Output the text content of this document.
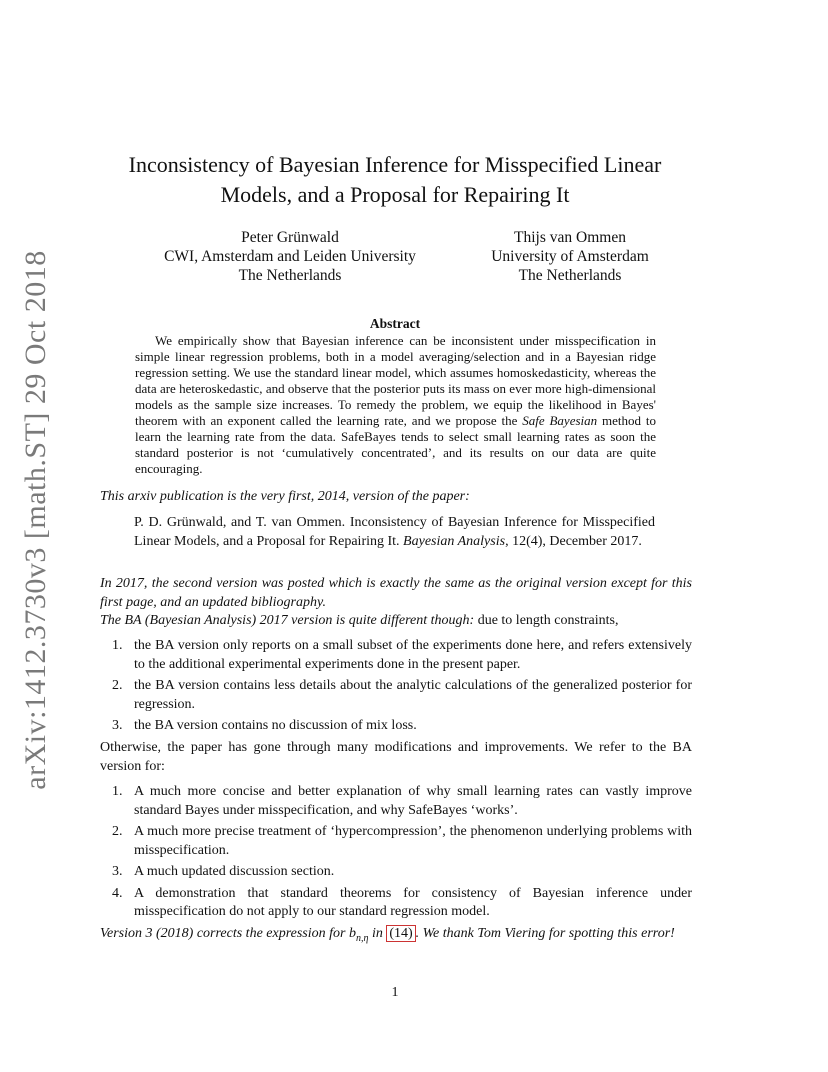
arXiv:1412.3730v3 [math.ST] 29 Oct 2018
Inconsistency of Bayesian Inference for Misspecified Linear
Models, and a Proposal for Repairing It
Peter Grünwald
CWI, Amsterdam and Leiden University
The Netherlands
Thijs van Ommen
University of Amsterdam
The Netherlands
Abstract
We empirically show that Bayesian inference can be inconsistent under misspecification in simple linear regression problems, both in a model averaging/selection and in a Bayesian ridge regression setting. We use the standard linear model, which assumes homoskedasticity, whereas the data are heteroskedastic, and observe that the posterior puts its mass on ever more high-dimensional models as the sample size increases. To remedy the problem, we equip the likelihood in Bayes' theorem with an exponent called the learning rate, and we propose the Safe Bayesian method to learn the learning rate from the data. SafeBayes tends to select small learning rates as soon the standard posterior is not ‘cumulatively concentrated’, and its results on our data are quite encouraging.
This arxiv publication is the very first, 2014, version of the paper:
P. D. Grünwald, and T. van Ommen. Inconsistency of Bayesian Inference for Misspecified Linear Models, and a Proposal for Repairing It. Bayesian Analysis, 12(4), December 2017.
In 2017, the second version was posted which is exactly the same as the original version except for this first page, and an updated bibliography.
The BA (Bayesian Analysis) 2017 version is quite different though: due to length constraints,
1. the BA version only reports on a small subset of the experiments done here, and refers extensively to the additional experimental experiments done in the present paper.
2. the BA version contains less details about the analytic calculations of the generalized posterior for regression.
3. the BA version contains no discussion of mix loss.
Otherwise, the paper has gone through many modifications and improvements. We refer to the BA version for:
1. A much more concise and better explanation of why small learning rates can vastly improve standard Bayes under misspecification, and why SafeBayes ‘works’.
2. A much more precise treatment of ‘hypercompression’, the phenomenon underlying problems with misspecification.
3. A much updated discussion section.
4. A demonstration that standard theorems for consistency of Bayesian inference under misspecification do not apply to our standard regression model.
Version 3 (2018) corrects the expression for $b_{n,\eta}$ in (14) . We thank Tom Viering for spotting this error!
1
